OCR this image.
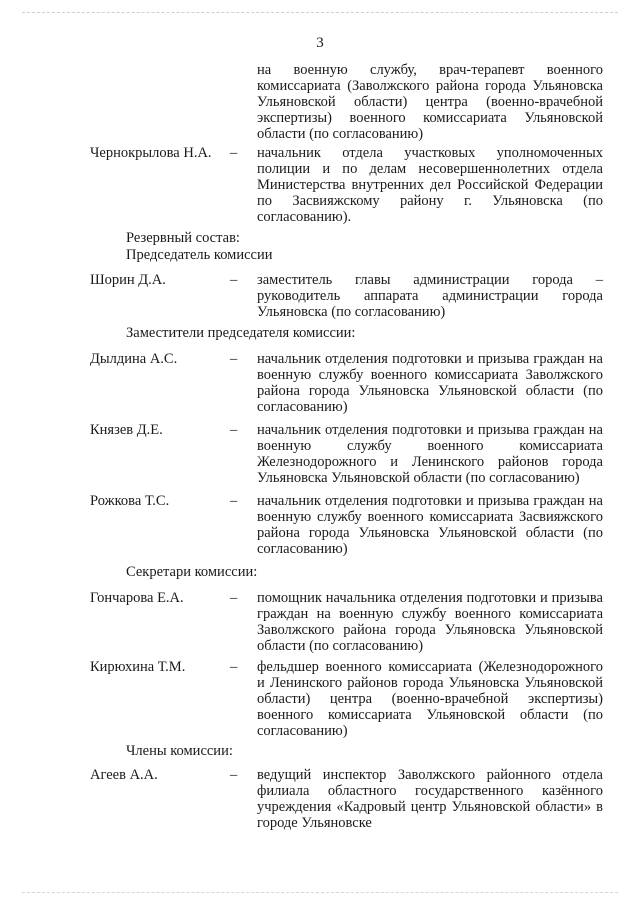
3
на военную службу, врач-терапевт военного комиссариата (Заволжского района города Ульяновска Ульяновской области) центра (военно-врачебной экспертизы) военного комиссариата Ульяновской области (по согласованию)
Чернокрылова Н.А. – начальник отдела участковых уполномоченных полиции и по делам несовершеннолетних отдела Министерства внутренних дел Российской Федерации по Засвияжскому району г. Ульяновска (по согласованию).
Резервный состав:
Председатель комиссии
Шорин Д.А.	– заместитель главы администрации города – руководитель аппарата администрации города Ульяновска (по согласованию)
Заместители председателя комиссии:
Дылдина А.С.	– начальник отделения подготовки и призыва граждан на военную службу военного комиссариата Заволжского района города Ульяновска Ульяновской области (по согласованию)
Князев Д.Е.	– начальник отделения подготовки и призыва граждан на военную службу военного комиссариата Железнодорожного и Ленинского районов города Ульяновска Ульяновской области (по согласованию)
Рожкова Т.С.	– начальник отделения подготовки и призыва граждан на военную службу военного комиссариата Засвияжского района города Ульяновска Ульяновской области (по согласованию)
Секретари комиссии:
Гончарова Е.А.	– помощник начальника отделения подготовки и призыва граждан на военную службу военного комиссариата Заволжского района города Ульяновска Ульяновской области (по согласованию)
Кирюхина Т.М.	– фельдшер военного комиссариата (Железнодорожного и Ленинского районов города Ульяновска Ульяновской области) центра (военно-врачебной экспертизы) военного комиссариата Ульяновской области (по согласованию)
Члены комиссии:
Агеев А.А.	– ведущий инспектор Заволжского районного отдела филиала областного государственного казённого учреждения «Кадровый центр Ульяновской области» в городе Ульяновске
